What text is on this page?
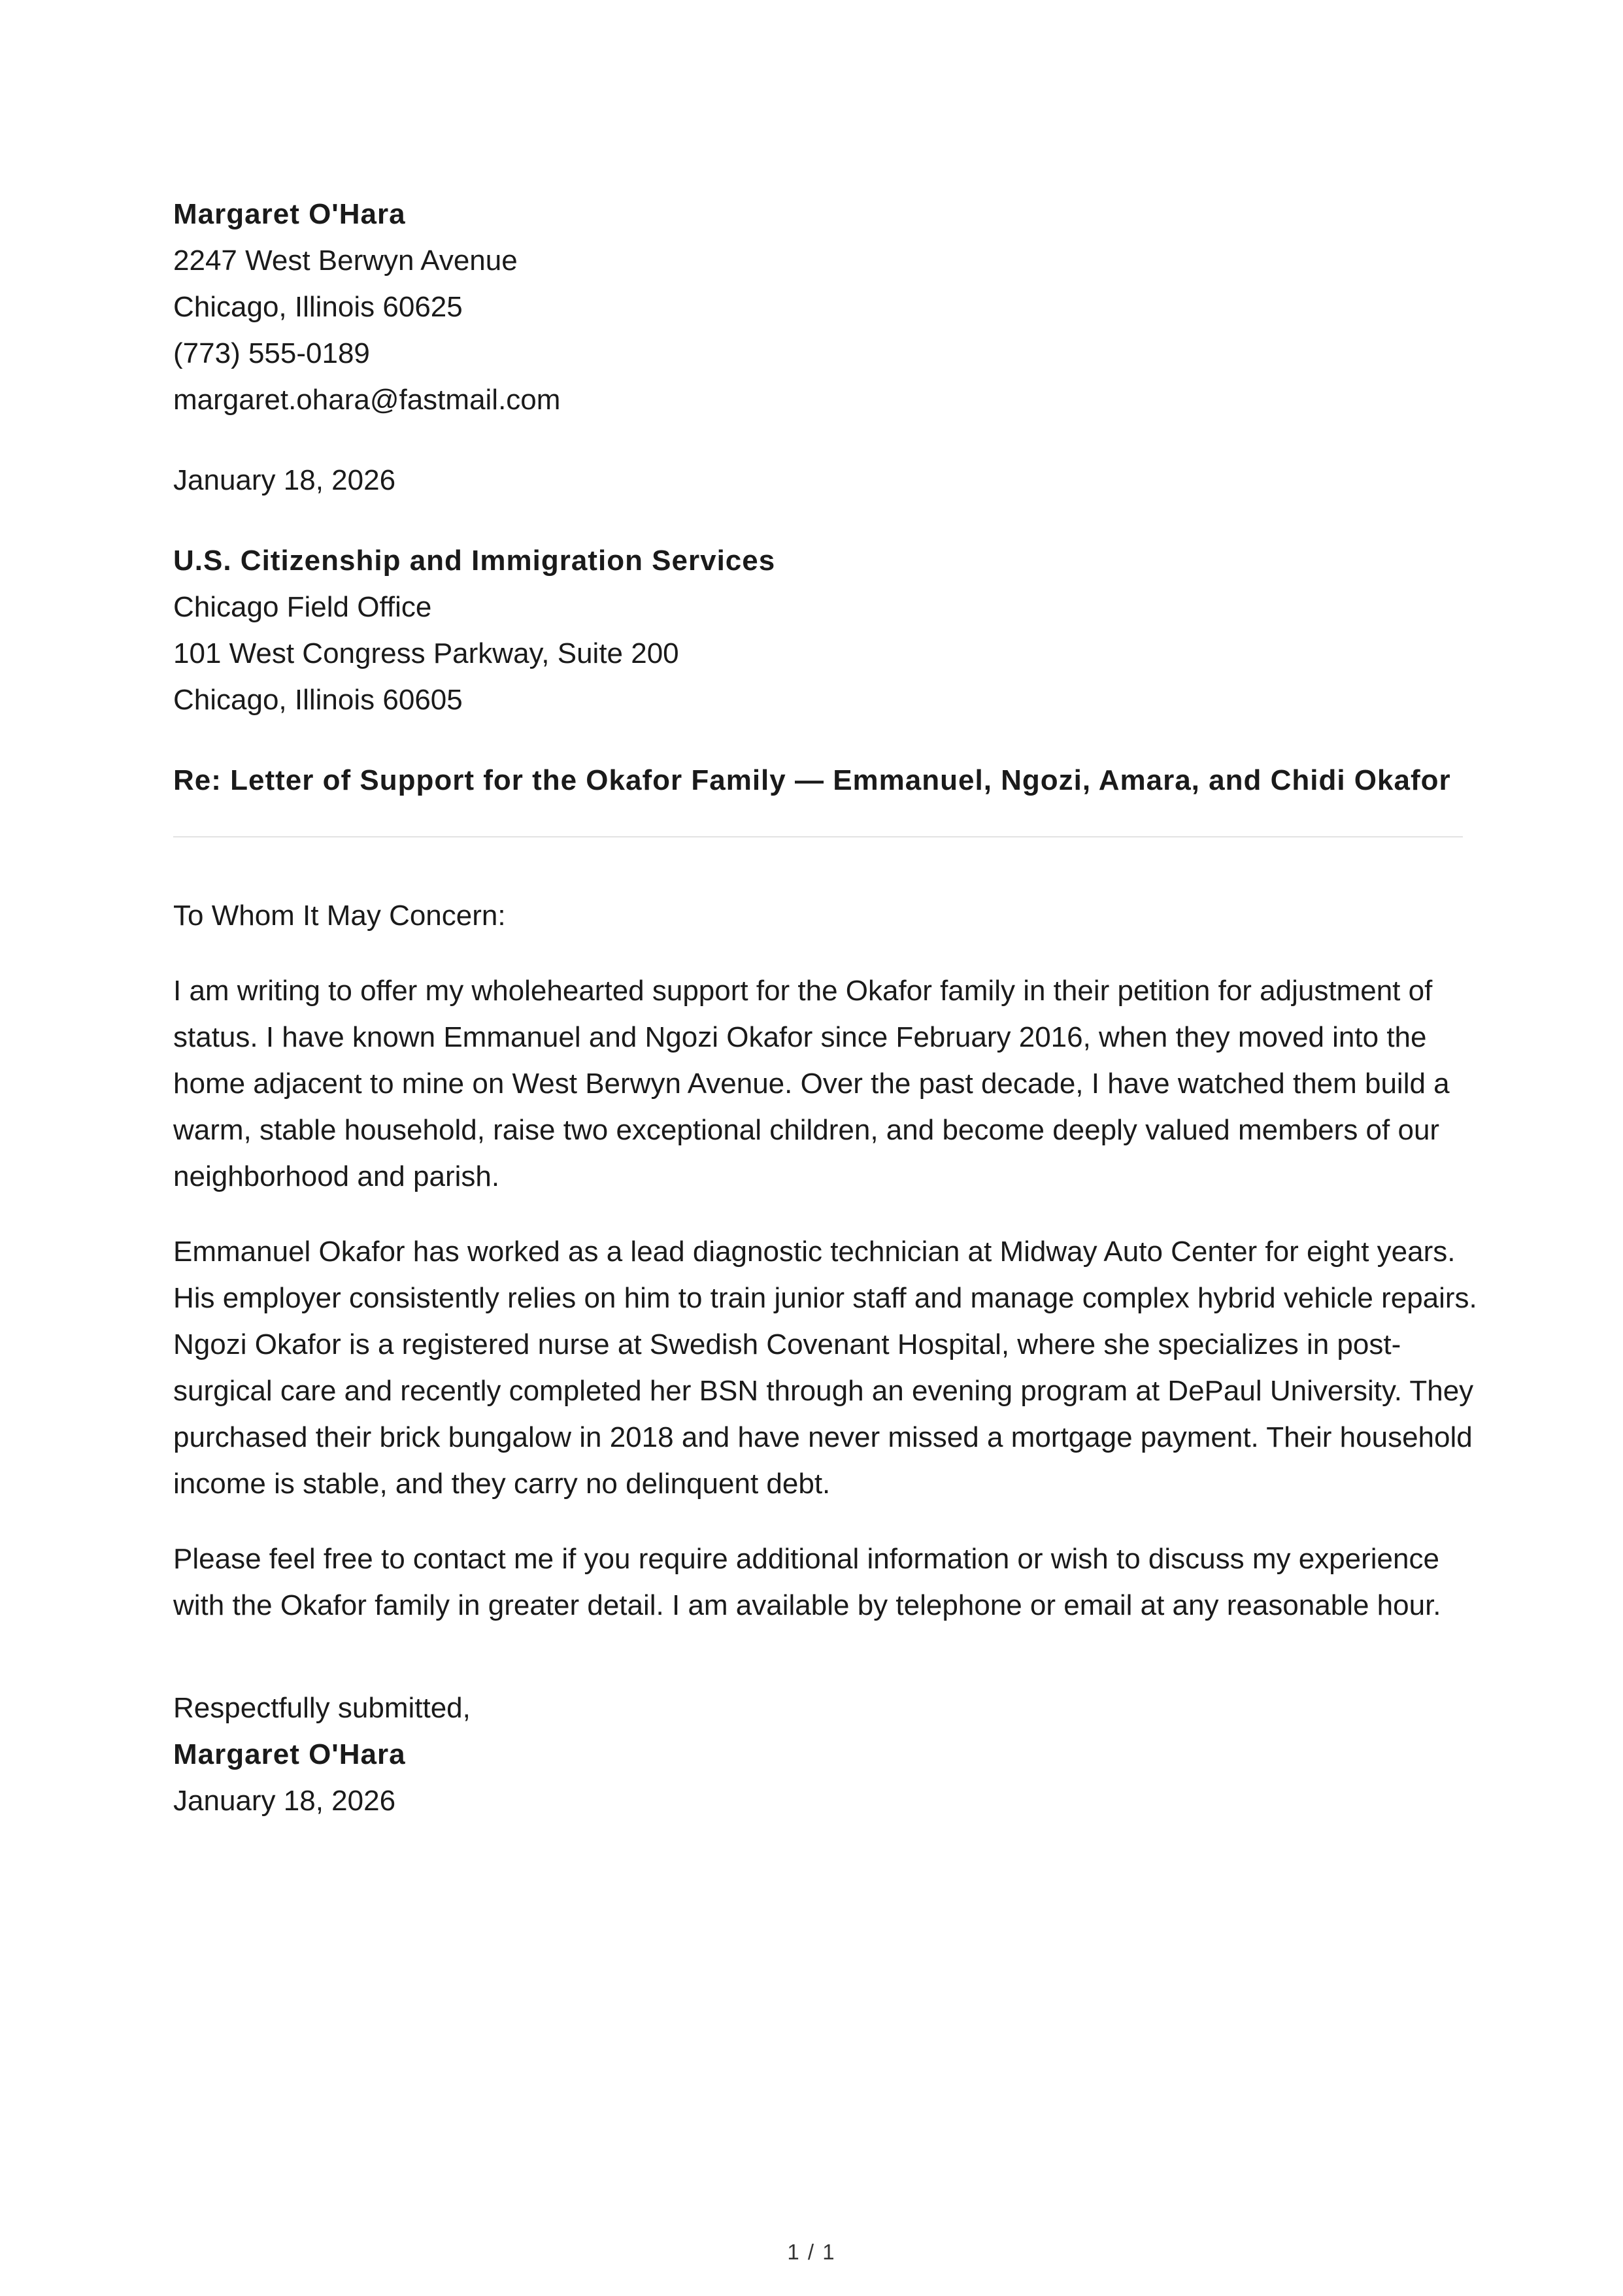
Margaret O'Hara
2247 West Berwyn Avenue
Chicago, Illinois 60625
(773) 555-0189
margaret.ohara@fastmail.com
January 18, 2026
U.S. Citizenship and Immigration Services
Chicago Field Office
101 West Congress Parkway, Suite 200
Chicago, Illinois 60605
Re: Letter of Support for the Okafor Family — Emmanuel, Ngozi, Amara, and Chidi Okafor
To Whom It May Concern:
I am writing to offer my wholehearted support for the Okafor family in their petition for adjustment of
status. I have known Emmanuel and Ngozi Okafor since February 2016, when they moved into the
home adjacent to mine on West Berwyn Avenue. Over the past decade, I have watched them build a
warm, stable household, raise two exceptional children, and become deeply valued members of our
neighborhood and parish.
Emmanuel Okafor has worked as a lead diagnostic technician at Midway Auto Center for eight years.
His employer consistently relies on him to train junior staff and manage complex hybrid vehicle repairs.
Ngozi Okafor is a registered nurse at Swedish Covenant Hospital, where she specializes in post-
surgical care and recently completed her BSN through an evening program at DePaul University. They
purchased their brick bungalow in 2018 and have never missed a mortgage payment. Their household
income is stable, and they carry no delinquent debt.
Please feel free to contact me if you require additional information or wish to discuss my experience
with the Okafor family in greater detail. I am available by telephone or email at any reasonable hour.
Respectfully submitted,
Margaret O'Hara
January 18, 2026
1 / 1
